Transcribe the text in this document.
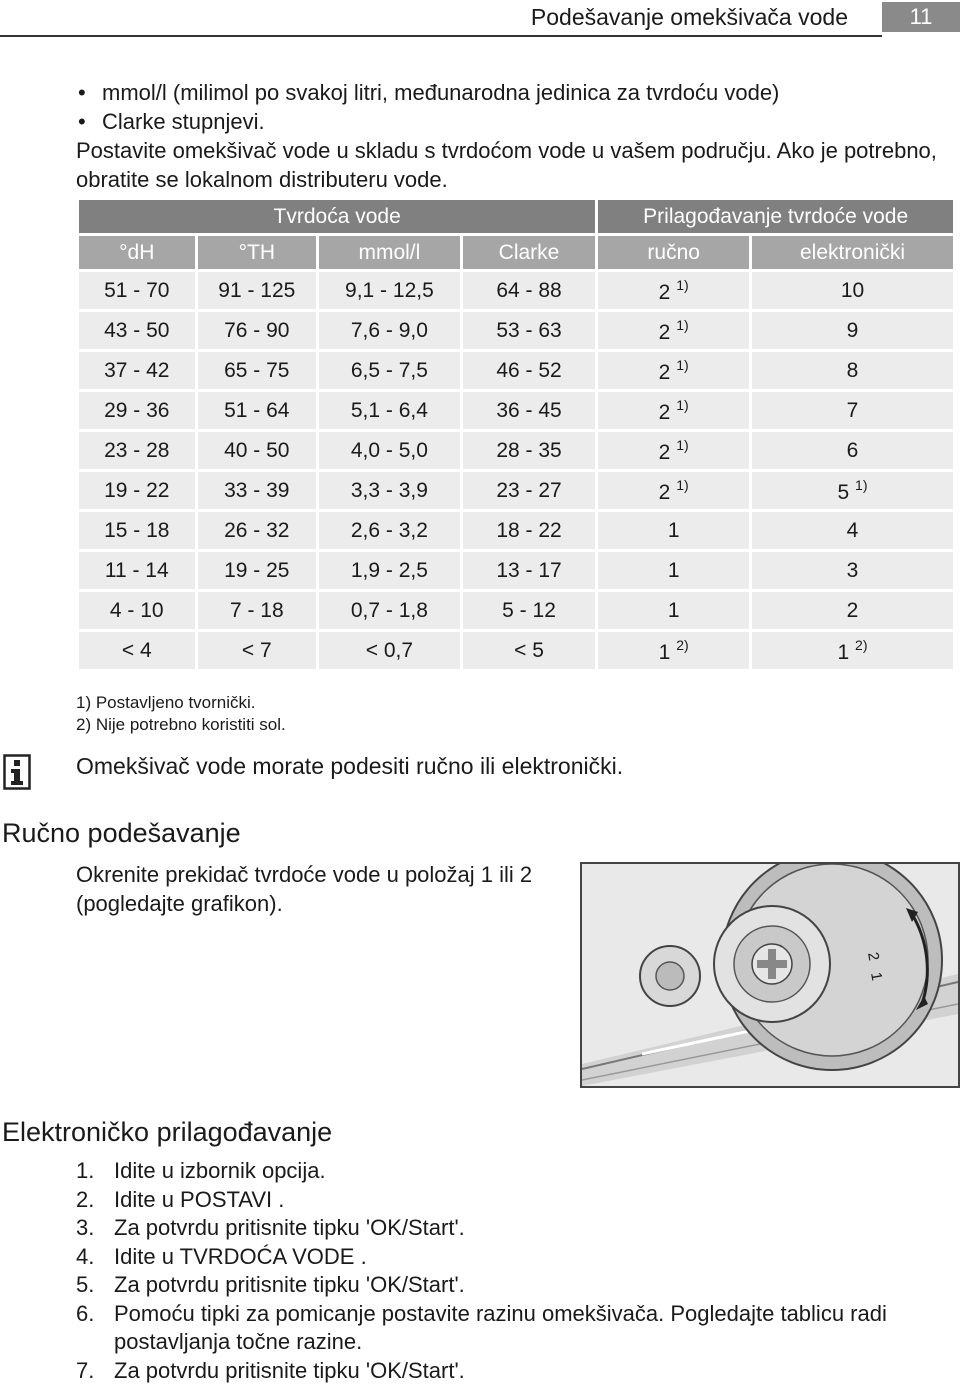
Podešavanje omekšivača vode	11
• mmol/l (milimol po svakoj litri, međunarodna jedinica za tvrdoću vode)
• Clarke stupnjevi.
Postavite omekšivač vode u skladu s tvrdoćom vode u vašem području. Ako je potrebno, obratite se lokalnom distributeru vode.
Tvrdoća vode				Prilagođavanje tvrdoće vode	
°dH	°TH	mmol/l	Clarke	ručno	elektronički
51 - 70	91 - 125	9,1 - 12,5	64 - 88	2 $^{1)}$	10
43 - 50	76 - 90	7,6 - 9,0	53 - 63	2 $^{1)}$	9
37 - 42	65 - 75	6,5 - 7,5	46 - 52	2 $^{1)}$	8
29 - 36	51 - 64	5,1 - 6,4	36 - 45	2 $^{1)}$	7
23 - 28	40 - 50	4,0 - 5,0	28 - 35	2 $^{1)}$	6
19 - 22	33 - 39	3,3 - 3,9	23 - 27	2 $^{1)}$	5 $^{1)}$
15 - 18	26 - 32	2,6 - 3,2	18 - 22	1	4
11 - 14	19 - 25	1,9 - 2,5	13 - 17	1	3
4 - 10	7 - 18	0,7 - 1,8	5 - 12	1	2
< 4	< 7	< 0,7	< 5	1 $^{2)}$	1 $^{2)}$
1) Postavljeno tvornički.
2) Nije potrebno koristiti sol.
Omekšivač vode morate podesiti ručno ili elektronički.
Ručno podešavanje
Okrenite prekidač tvrdoće vode u položaj 1 ili 2 (pogledajte grafikon).
2
1
Elektroničko prilagođavanje
1. Idite u izbornik opcija.
2. Idite u POSTAVI .
3. Za potvrdu pritisnite tipku 'OK/Start'.
4. Idite u TVRDOĆA VODE .
5. Za potvrdu pritisnite tipku 'OK/Start'.
6. Pomoću tipki za pomicanje postavite razinu omekšivača. Pogledajte tablicu radi postavljanja točne razine.
7. Za potvrdu pritisnite tipku 'OK/Start'.
